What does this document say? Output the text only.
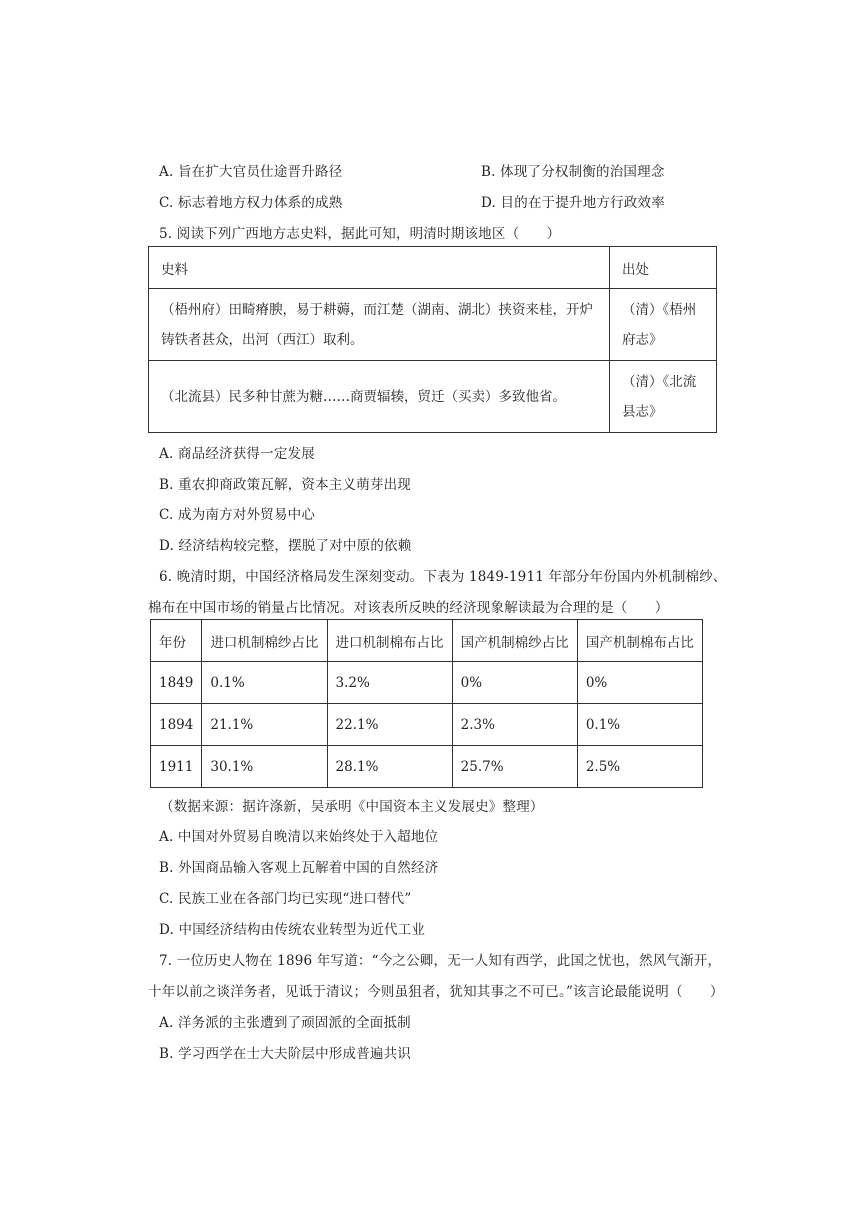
A. 旨在扩大官员仕途晋升路径	B. 体现了分权制衡的治国理念
C. 标志着地方权力体系的成熟	D. 目的在于提升地方行政效率
5. 阅读下列广西地方志史料，据此可知，明清时期该地区（　　）
史料	出处
（梧州府）田畸瘠腴，易于耕薅，而江楚（湖南、湖北）挟资来桂，开炉铸铁者甚众，出河（西江）取利。	（清）《梧州府志》
（北流县）民多种甘蔗为糖……商贾辐辏，贸迁（买卖）多致他省。	（清）《北流县志》
A. 商品经济获得一定发展
B. 重农抑商政策瓦解，资本主义萌芽出现
C. 成为南方对外贸易中心
D. 经济结构较完整，摆脱了对中原的依赖
6. 晚清时期，中国经济格局发生深刻变动。下表为 1849-1911 年部分年份国内外机制棉纱、
棉布在中国市场的销量占比情况。对该表所反映的经济现象解读最为合理的是（　　）
年份	进口机制棉纱占比	进口机制棉布占比	国产机制棉纱占比	国产机制棉布占比
1849	0.1%	3.2%	0%	0%
1894	21.1%	22.1%	2.3%	0.1%
1911	30.1%	28.1%	25.7%	2.5%
（数据来源：据许涤新，吴承明《中国资本主义发展史》整理）
A. 中国对外贸易自晚清以来始终处于入超地位
B. 外国商品输入客观上瓦解着中国的自然经济
C. 民族工业在各部门均已实现“进口替代”
D. 中国经济结构由传统农业转型为近代工业
7. 一位历史人物在 1896 年写道：“今之公卿，无一人知有西学，此国之忧也，然风气渐开，
十年以前之谈洋务者，见诋于清议；今则虽狙者，犹知其事之不可已。”该言论最能说明（　　）
A. 洋务派的主张遭到了顽固派的全面抵制
B. 学习西学在士大夫阶层中形成普遍共识
